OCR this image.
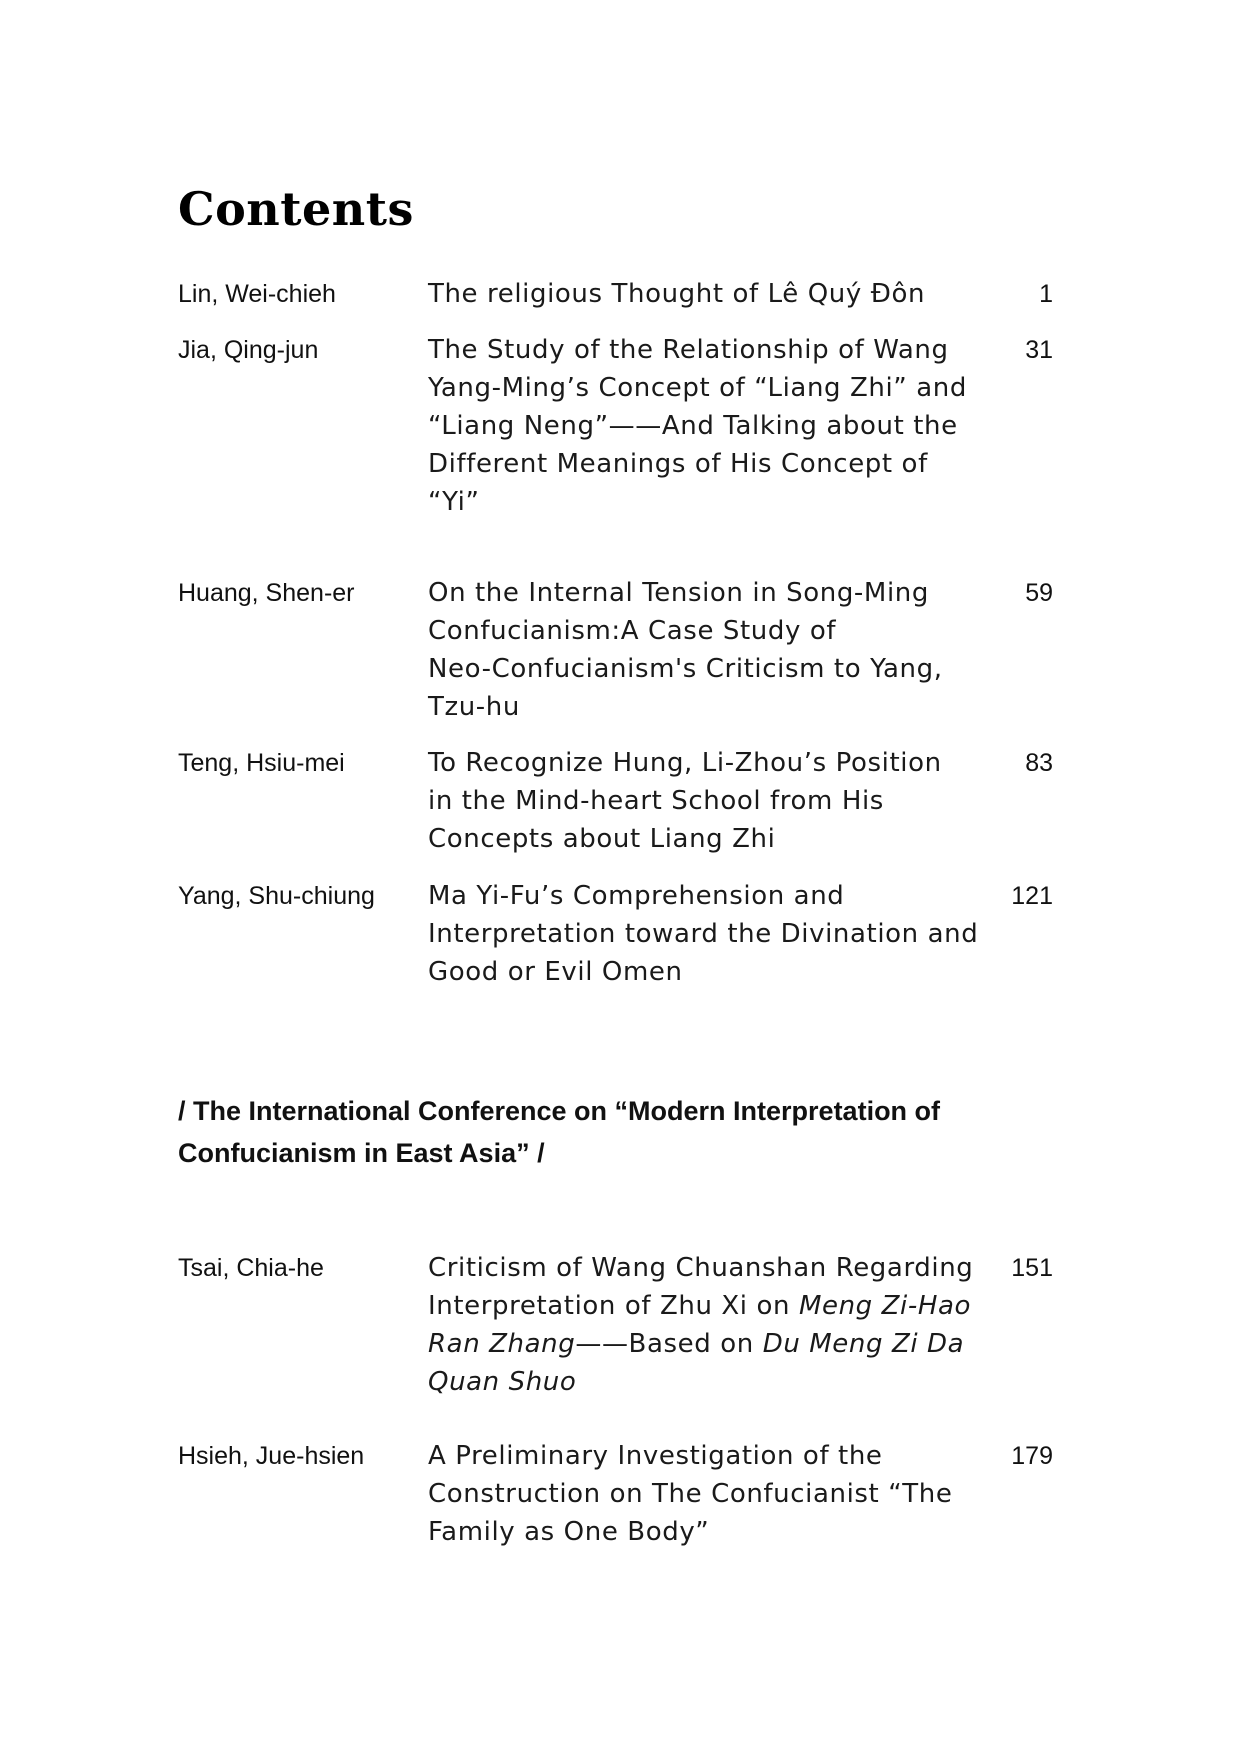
Contents
Lin, Wei-chieh	The religious Thought of Lê Quý Đôn	1
Jia, Qing-jun	The Study of the Relationship of Wang
Yang-Ming’s Concept of “Liang Zhi” and
“Liang Neng”——And Talking about the
Different Meanings of His Concept of
“Yi”
31
Huang, Shen-er	On the Internal Tension in Song-Ming
Confucianism:A Case Study of
Neo-Confucianism's Criticism to Yang,
Tzu-hu
59
Teng, Hsiu-mei	To Recognize Hung, Li-Zhou’s Position
in the Mind-heart School from His
Concepts about Liang Zhi
83
Yang, Shu-chiung	Ma Yi-Fu’s Comprehension and
Interpretation toward the Divination and
Good or Evil Omen
121
/ The International Conference on “Modern Interpretation of
Confucianism in East Asia” /
Tsai, Chia-he	Criticism of Wang Chuanshan Regarding
Interpretation of Zhu Xi on Meng Zi-Hao
Ran Zhang——Based on Du Meng Zi Da
Quan Shuo
151
Hsieh, Jue-hsien	A Preliminary Investigation of the
Construction on The Confucianist “The
Family as One Body”
179
